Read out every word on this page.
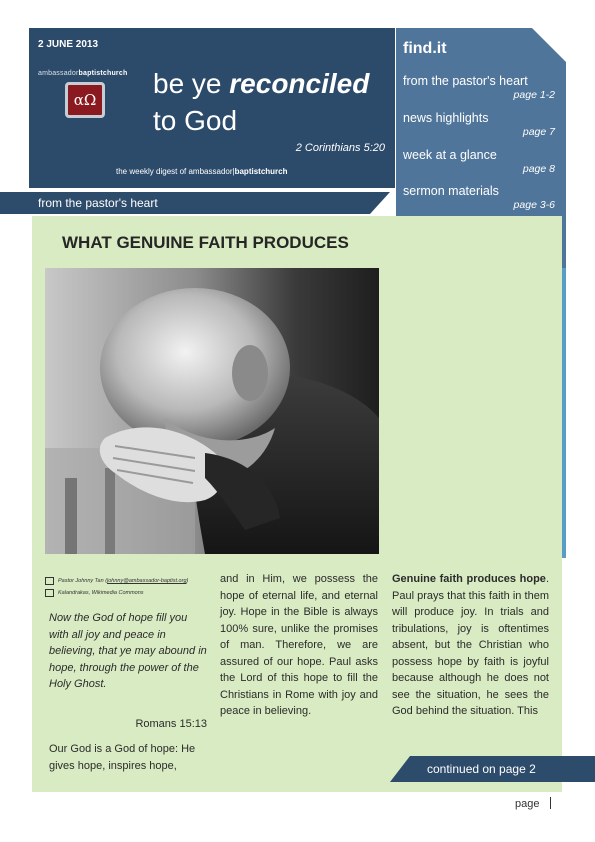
2 JUNE 2013
ambassadorbaptistchurch
αΩ
be ye reconciled
to God
2 Corinthians 5:20
the weekly digest of ambassador|baptistchurch
find.it
from the pastor's heart
page 1-2
news highlights
page 7
week at a glance
page 8
sermon materials
page 3-6
WHAT GENUINE FAITH PRODUCES
Pastor Johnny Tan ( johnny@ambassador-baptist.org )
Kalandrakas, Wikimedia Commons
Now the God of hope fill you with all joy and peace in believing, that ye may abound in hope, through the power of the Holy Ghost.
Romans 15:13
Our God is a God of hope: He gives hope, inspires hope,
and in Him, we possess the hope of eternal life, and eternal joy. Hope in the Bible is always 100% sure, unlike the promises of man. Therefore, we are assured of our hope. Paul asks the Lord of this hope to fill the Christians in Rome with joy and peace in believing.
Genuine faith produces hope. Paul prays that this faith in them will produce joy. In trials and tribulations, joy is oftentimes absent, but the Christian who possess hope by faith is joyful because although he does not see the situation, he sees the God behind the situation. This
from the pastor's heart
continued on page 2
page
